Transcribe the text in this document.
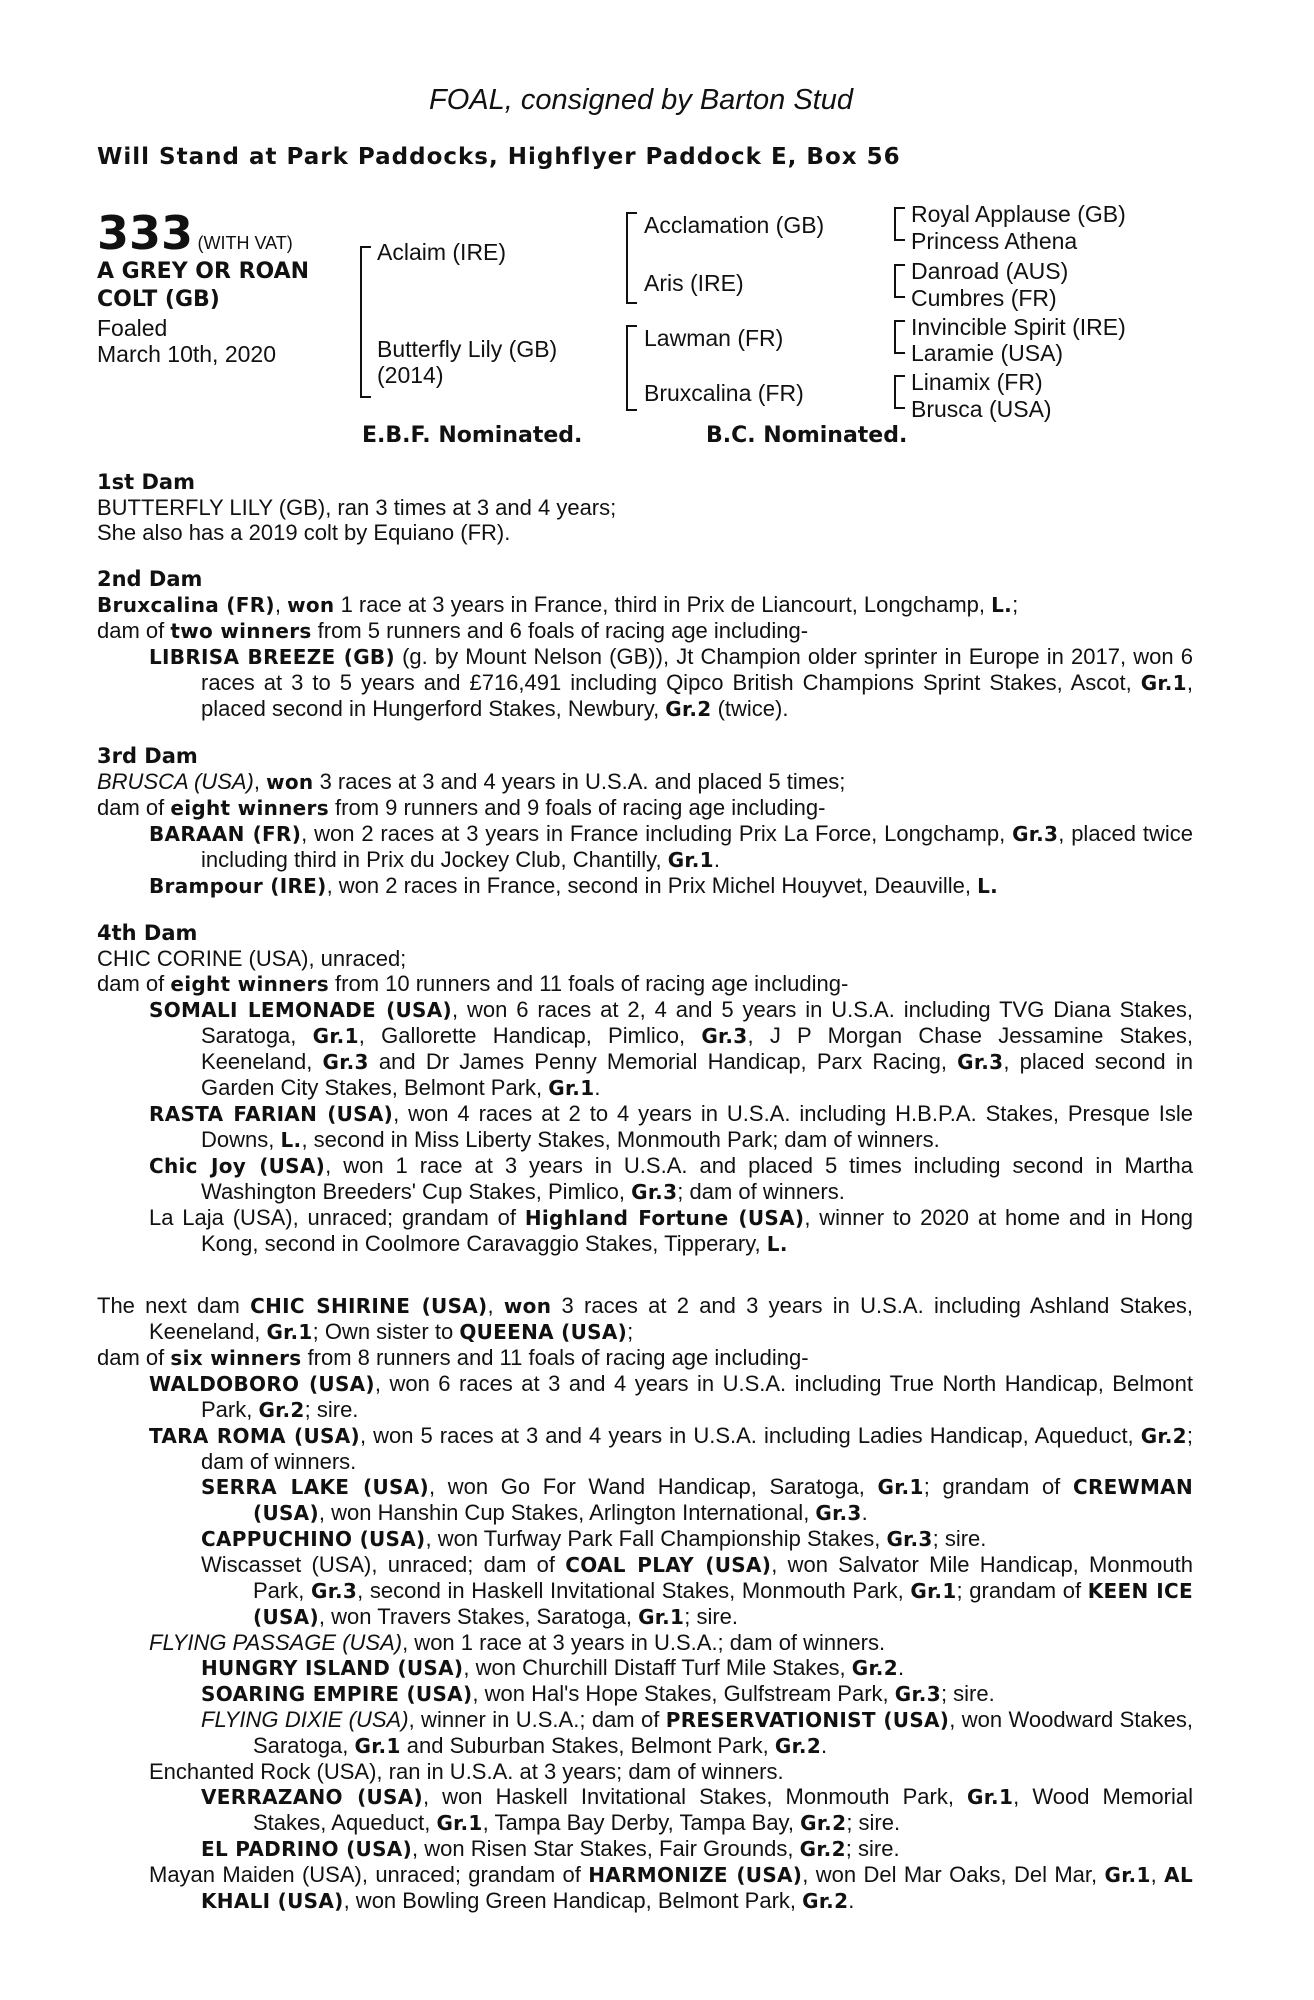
FOAL, consigned by Barton Stud
Will Stand at Park Paddocks, Highflyer Paddock E, Box 56
333 (WITH VAT)
A GREY OR ROAN
COLT (GB)
Foaled
March 10th, 2020
Aclaim (IRE)
Butterfly Lily (GB)
(2014)
Acclamation (GB)
Aris (IRE)
Lawman (FR)
Bruxcalina (FR)
Royal Applause (GB)
Princess Athena
Danroad (AUS)
Cumbres (FR)
Invincible Spirit (IRE)
Laramie (USA)
Linamix (FR)
Brusca (USA)
E.B.F. Nominated.	B.C. Nominated.
1st Dam
BUTTERFLY LILY (GB), ran 3 times at 3 and 4 years;
She also has a 2019 colt by Equiano (FR).
2nd Dam
Bruxcalina (FR), won 1 race at 3 years in France, third in Prix de Liancourt, Longchamp, L.;
dam of two winners from 5 runners and 6 foals of racing age including-
LIBRISA BREEZE (GB) (g. by Mount Nelson (GB)), Jt Champion older sprinter in Europe in 2017, won 6 races at 3 to 5 years and £716,491 including Qipco British Champions Sprint Stakes, Ascot, Gr.1, placed second in Hungerford Stakes, Newbury, Gr.2 (twice).
3rd Dam
BRUSCA (USA), won 3 races at 3 and 4 years in U.S.A. and placed 5 times;
dam of eight winners from 9 runners and 9 foals of racing age including-
BARAAN (FR), won 2 races at 3 years in France including Prix La Force, Longchamp, Gr.3, placed twice including third in Prix du Jockey Club, Chantilly, Gr.1.
Brampour (IRE), won 2 races in France, second in Prix Michel Houyvet, Deauville, L.
4th Dam
CHIC CORINE (USA), unraced;
dam of eight winners from 10 runners and 11 foals of racing age including-
SOMALI LEMONADE (USA), won 6 races at 2, 4 and 5 years in U.S.A. including TVG Diana Stakes, Saratoga, Gr.1, Gallorette Handicap, Pimlico, Gr.3, J P Morgan Chase Jessamine Stakes, Keeneland, Gr.3 and Dr James Penny Memorial Handicap, Parx Racing, Gr.3, placed second in Garden City Stakes, Belmont Park, Gr.1.
RASTA FARIAN (USA), won 4 races at 2 to 4 years in U.S.A. including H.B.P.A. Stakes, Presque Isle Downs, L., second in Miss Liberty Stakes, Monmouth Park; dam of winners.
Chic Joy (USA), won 1 race at 3 years in U.S.A. and placed 5 times including second in Martha Washington Breeders' Cup Stakes, Pimlico, Gr.3; dam of winners.
La Laja (USA), unraced; grandam of Highland Fortune (USA), winner to 2020 at home and in Hong Kong, second in Coolmore Caravaggio Stakes, Tipperary, L.
The next dam CHIC SHIRINE (USA), won 3 races at 2 and 3 years in U.S.A. including Ashland Stakes, Keeneland, Gr.1; Own sister to QUEENA (USA);
dam of six winners from 8 runners and 11 foals of racing age including-
WALDOBORO (USA), won 6 races at 3 and 4 years in U.S.A. including True North Handicap, Belmont Park, Gr.2; sire.
TARA ROMA (USA), won 5 races at 3 and 4 years in U.S.A. including Ladies Handicap, Aqueduct, Gr.2; dam of winners.
SERRA LAKE (USA), won Go For Wand Handicap, Saratoga, Gr.1; grandam of CREWMAN (USA), won Hanshin Cup Stakes, Arlington International, Gr.3.
CAPPUCHINO (USA), won Turfway Park Fall Championship Stakes, Gr.3; sire.
Wiscasset (USA), unraced; dam of COAL PLAY (USA), won Salvator Mile Handicap, Monmouth Park, Gr.3, second in Haskell Invitational Stakes, Monmouth Park, Gr.1; grandam of KEEN ICE (USA), won Travers Stakes, Saratoga, Gr.1; sire.
FLYING PASSAGE (USA), won 1 race at 3 years in U.S.A.; dam of winners.
HUNGRY ISLAND (USA), won Churchill Distaff Turf Mile Stakes, Gr.2.
SOARING EMPIRE (USA), won Hal's Hope Stakes, Gulfstream Park, Gr.3; sire.
FLYING DIXIE (USA), winner in U.S.A.; dam of PRESERVATIONIST (USA), won Woodward Stakes, Saratoga, Gr.1 and Suburban Stakes, Belmont Park, Gr.2.
Enchanted Rock (USA), ran in U.S.A. at 3 years; dam of winners.
VERRAZANO (USA), won Haskell Invitational Stakes, Monmouth Park, Gr.1, Wood Memorial Stakes, Aqueduct, Gr.1, Tampa Bay Derby, Tampa Bay, Gr.2; sire.
EL PADRINO (USA), won Risen Star Stakes, Fair Grounds, Gr.2; sire.
Mayan Maiden (USA), unraced; grandam of HARMONIZE (USA), won Del Mar Oaks, Del Mar, Gr.1, AL KHALI (USA), won Bowling Green Handicap, Belmont Park, Gr.2.
